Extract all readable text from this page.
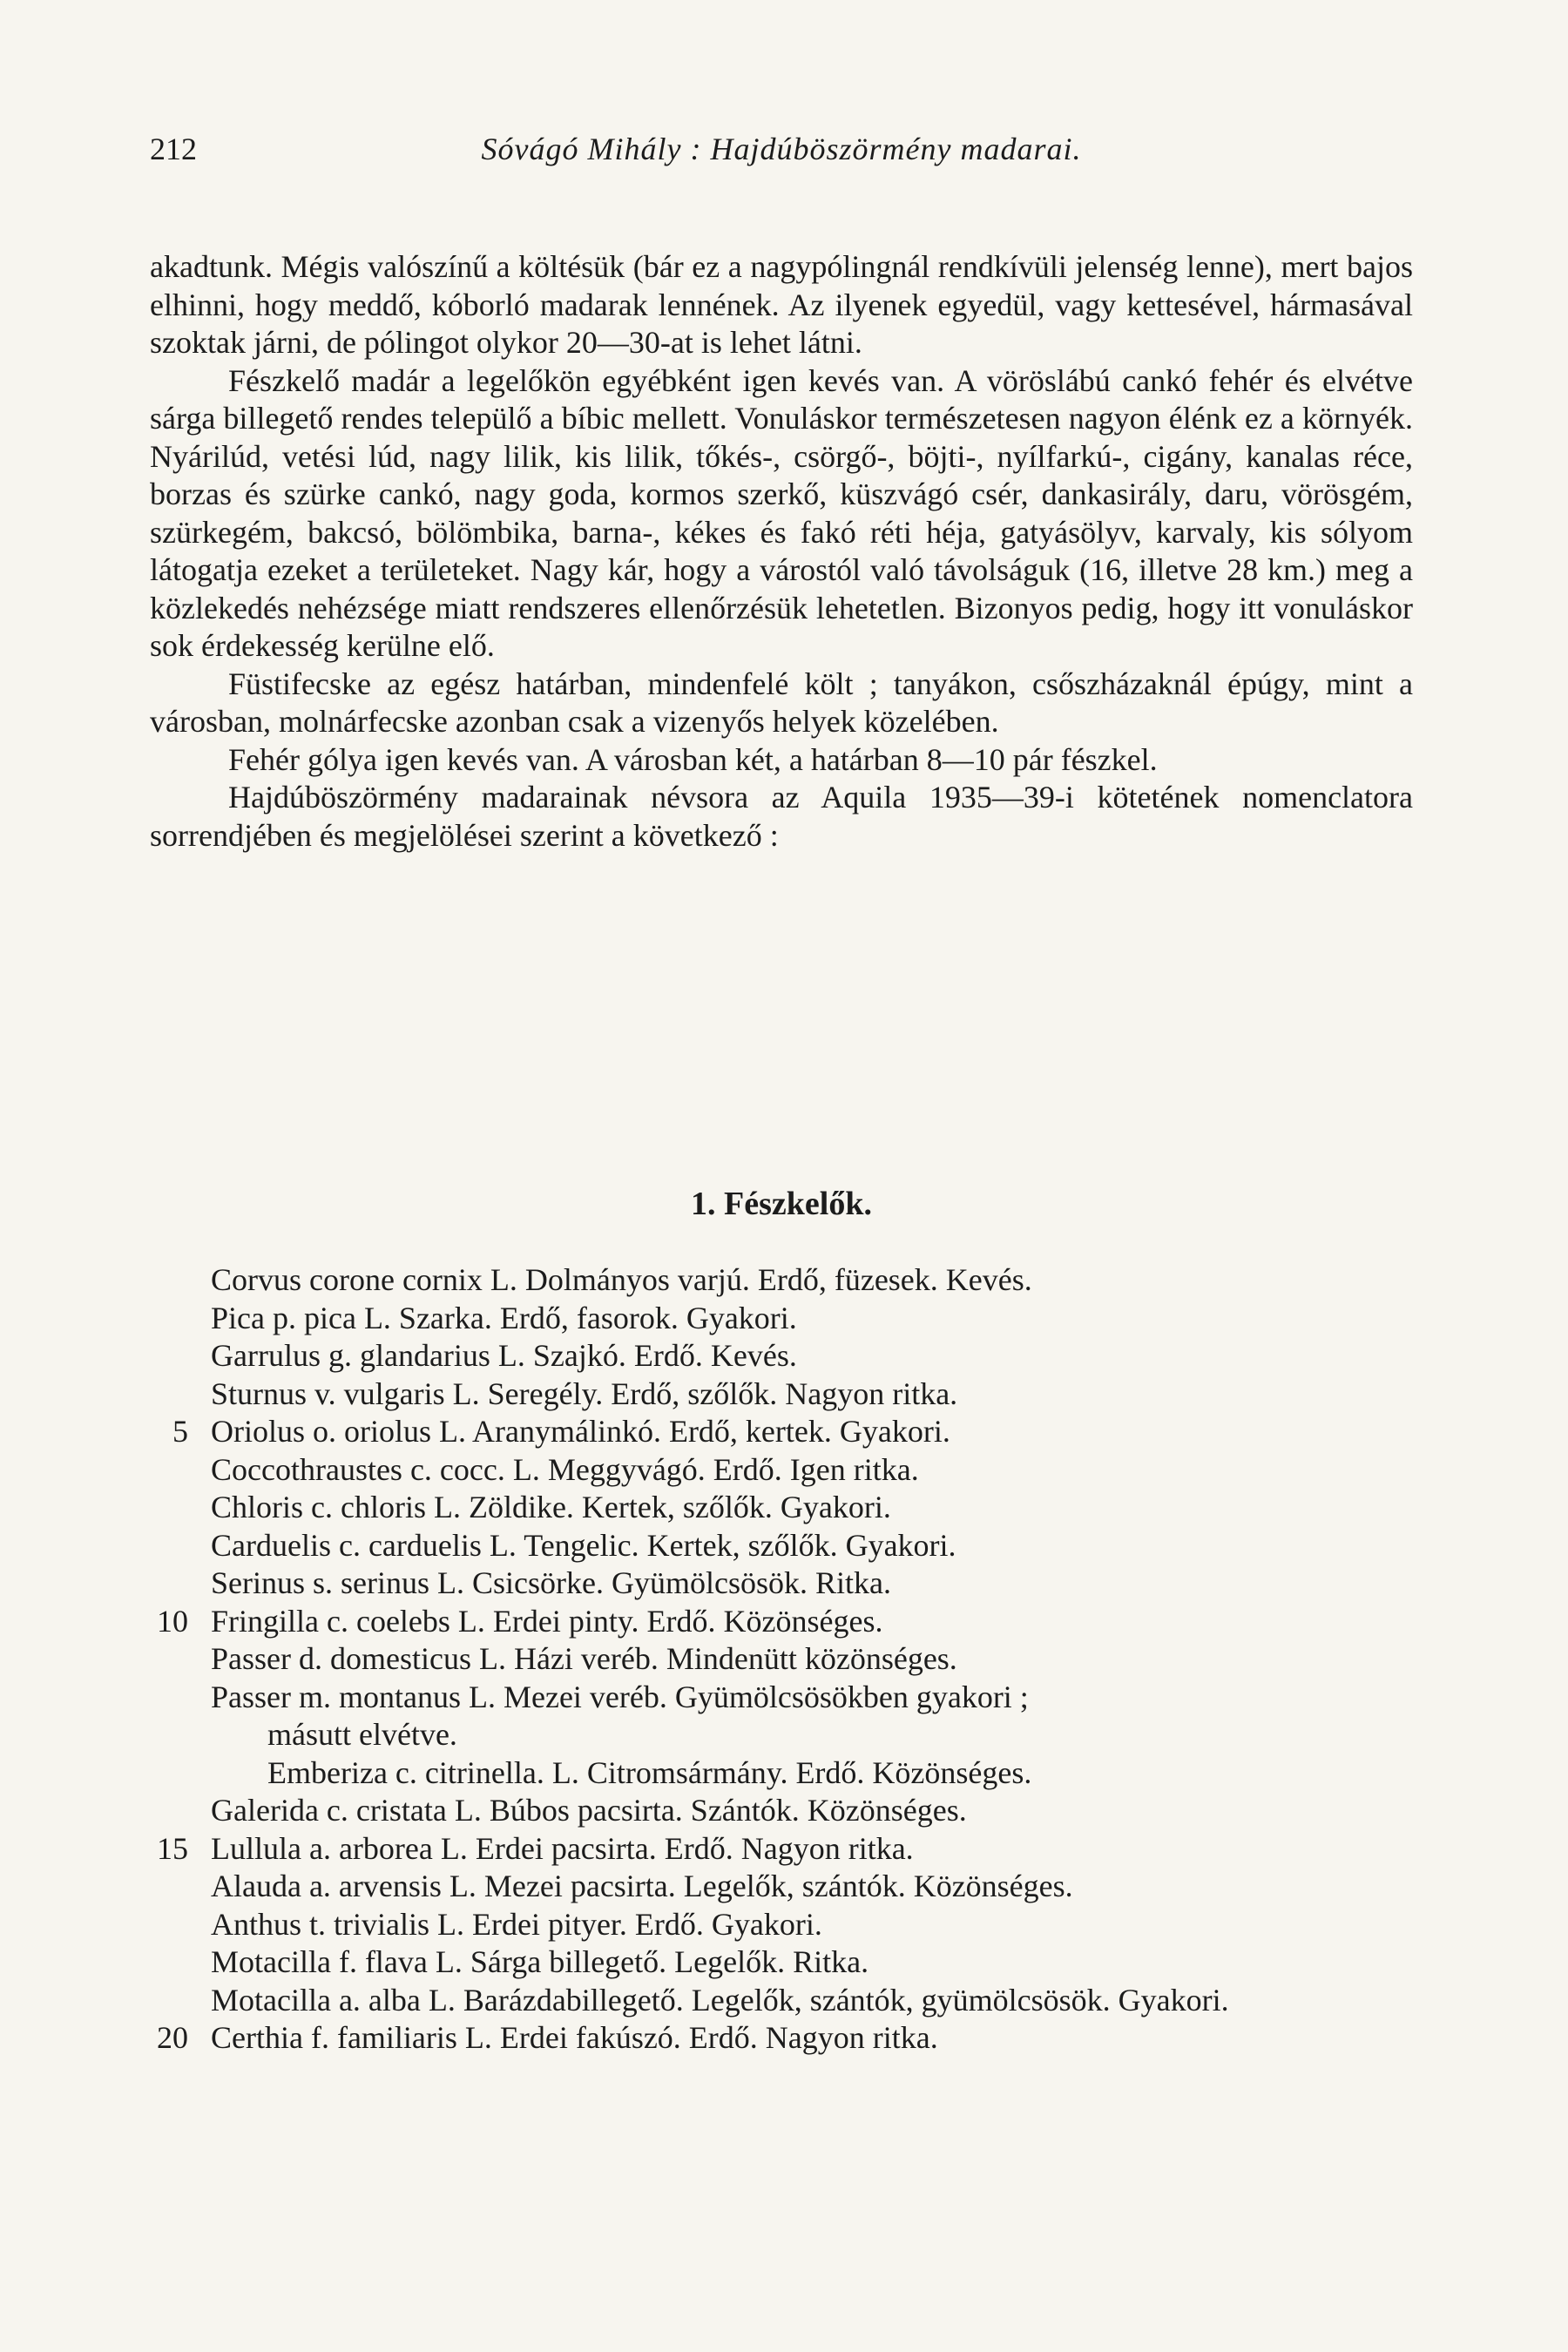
212	Sóvágó Mihály : Hajdúböszörmény madarai.

akadtunk. Mégis valószínű a költésük (bár ez a nagypólingnál rendkívüli jelenség lenne), mert bajos elhinni, hogy meddő, kóborló madarak lennének. Az ilyenek egyedül, vagy kettesével, hármasával szoktak járni, de pólingot olykor 20—30-at is lehet látni.

Fészkelő madár a legelőkön egyébként igen kevés van. A vöröslábú cankó fehér és elvétve sárga billegető rendes települő a bíbic mellett. Vonuláskor természetesen nagyon élénk ez a környék. Nyárilúd, vetési lúd, nagy lilik, kis lilik, tőkés-, csörgő-, böjti-, nyílfarkú-, cigány, kanalas réce, borzas és szürke cankó, nagy goda, kormos szerkő, küszvágó csér, dankasirály, daru, vörösgém, szürkegém, bakcsó, bölömbika, barna-, kékes és fakó réti héja, gatyásölyv, karvaly, kis sólyom látogatja ezeket a területeket. Nagy kár, hogy a várostól való távolságuk (16, illetve 28 km.) meg a közlekedés nehézsége miatt rendszeres ellenőrzésük lehetetlen. Bizonyos pedig, hogy itt vonuláskor sok érdekesség kerülne elő.

Füstifecske az egész határban, mindenfelé költ ; tanyákon, csőszházaknál épúgy, mint a városban, molnárfecske azonban csak a vizenyős helyek közelében.

Fehér gólya igen kevés van. A városban két, a határban 8—10 pár fészkel.

Hajdúböszörmény madarainak névsora az Aquila 1935—39-i kötetének nomenclatora sorrendjében és megjelölései szerint a következő :

1. Fészkelők.
Corvus corone cornix L. Dolmányos varjú. Erdő, füzesek. Kevés.
Pica p. pica L. Szarka. Erdő, fasorok. Gyakori.
Garrulus g. glandarius L. Szajkó. Erdő. Kevés.
Sturnus v. vulgaris L. Seregély. Erdő, szőlők. Nagyon ritka.
5 Oriolus o. oriolus L. Aranymálinkó. Erdő, kertek. Gyakori.
Coccothraustes c. cocc. L. Meggyvágó. Erdő. Igen ritka.
Chloris c. chloris L. Zöldike. Kertek, szőlők. Gyakori.
Carduelis c. carduelis L. Tengelic. Kertek, szőlők. Gyakori.
Serinus s. serinus L. Csicsörke. Gyümölcsösök. Ritka.
10 Fringilla c. coelebs L. Erdei pinty. Erdő. Közönséges.
Passer d. domesticus L. Házi veréb. Mindenütt közönséges.
Passer m. montanus L. Mezei veréb. Gyümölcsösökben gyakori ;
másutt elvétve.
Emberiza c. citrinella. L. Citromsármány. Erdő. Közönséges.
Galerida c. cristata L. Búbos pacsirta. Szántók. Közönséges.
15 Lullula a. arborea L. Erdei pacsirta. Erdő. Nagyon ritka.
Alauda a. arvensis L. Mezei pacsirta. Legelők, szántók. Közönséges.
Anthus t. trivialis L. Erdei pityer. Erdő. Gyakori.
Motacilla f. flava L. Sárga billegető. Legelők. Ritka.
Motacilla a. alba L. Barázdabillegető. Legelők, szántók, gyümölcsösök. Gyakori.
20 Certhia f. familiaris L. Erdei fakúszó. Erdő. Nagyon ritka.
